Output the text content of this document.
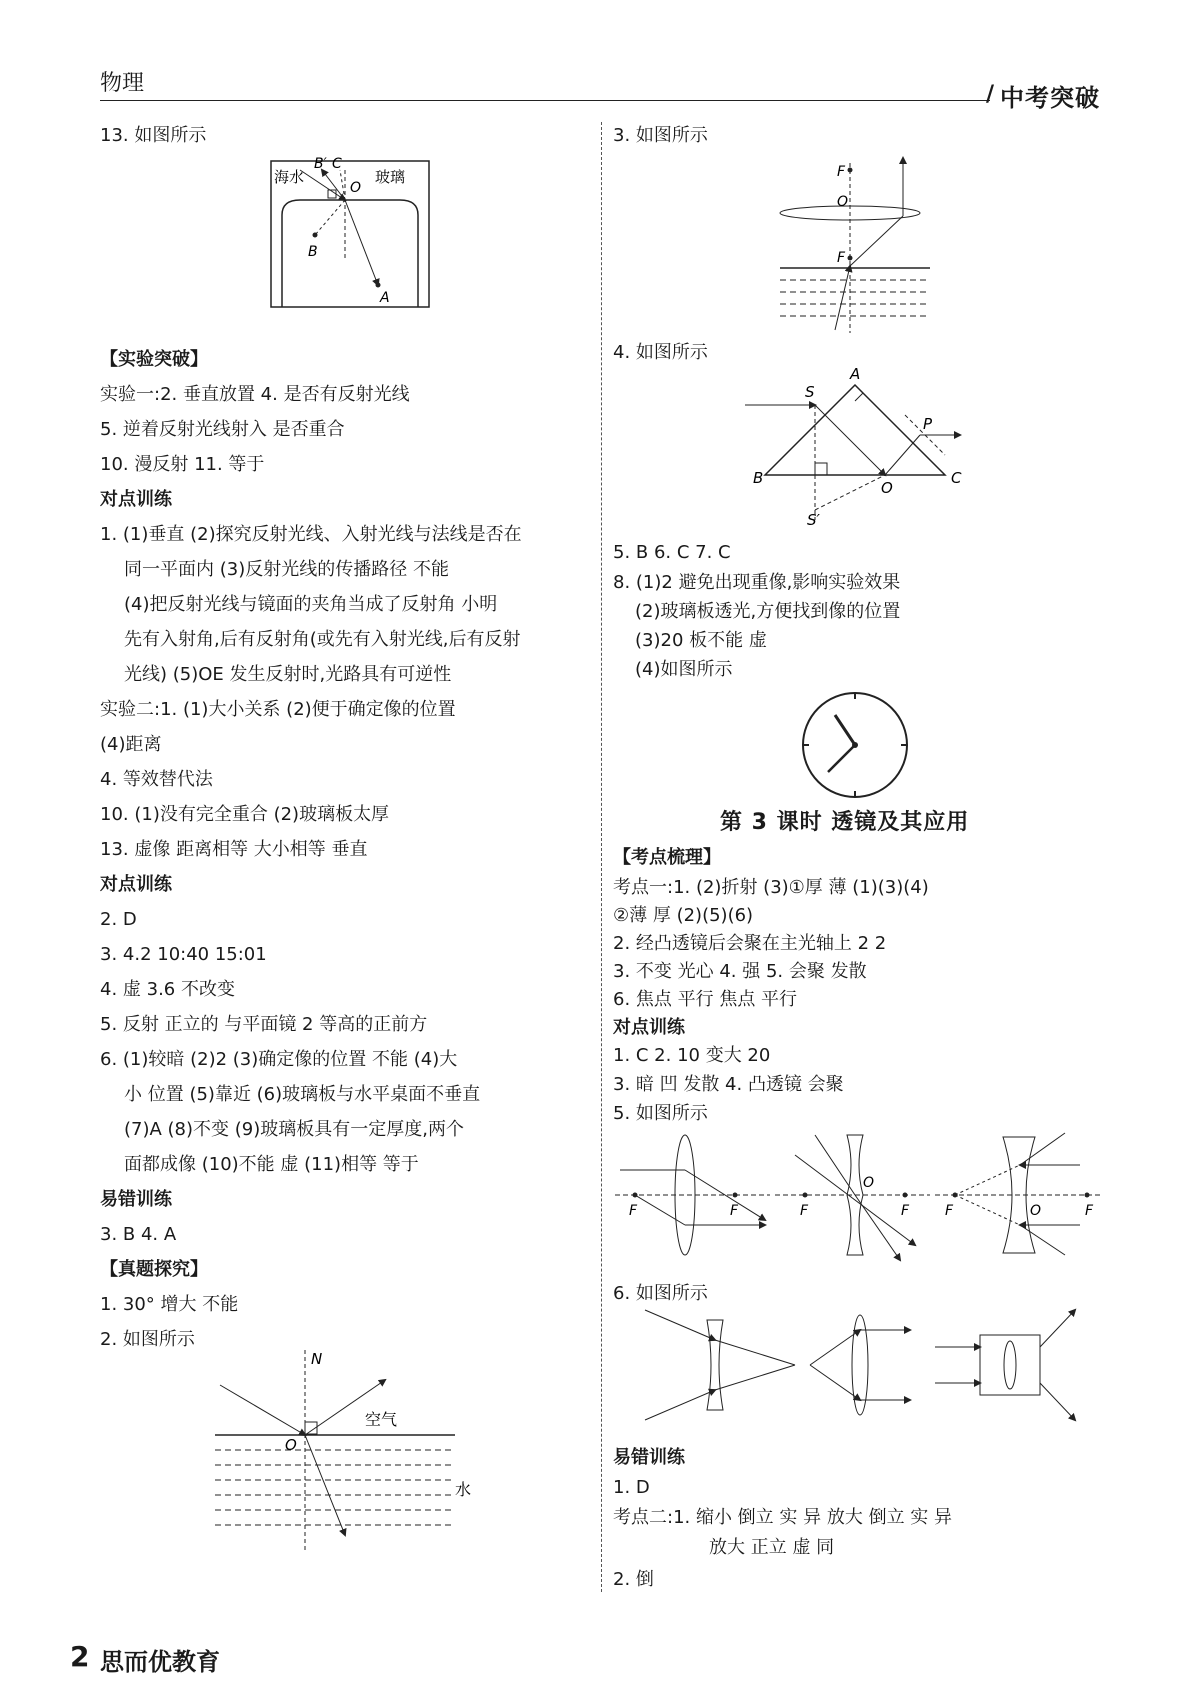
物理	/ 中考突破
13. 如图所示
【实验突破】
实验一:2. 垂直放置 4. 是否有反射光线
5. 逆着反射光线射入 是否重合
10. 漫反射 11. 等于
对点训练
1. (1)垂直 (2)探究反射光线、入射光线与法线是否在
同一平面内 (3)反射光线的传播路径 不能
(4)把反射光线与镜面的夹角当成了反射角 小明
先有入射角,后有反射角(或先有入射光线,后有反射
光线) (5)OE 发生反射时,光路具有可逆性
实验二:1. (1)大小关系 (2)便于确定像的位置
(4)距离
4. 等效替代法
10. (1)没有完全重合 (2)玻璃板太厚
13. 虚像 距离相等 大小相等 垂直
对点训练
2. D
3. 4.2 10:40 15:01
4. 虚 3.6 不改变
5. 反射 正立的 与平面镜 2 等高的正前方
6. (1)较暗 (2)2 (3)确定像的位置 不能 (4)大
小 位置 (5)靠近 (6)玻璃板与水平桌面不垂直
(7)A (8)不变 (9)玻璃板具有一定厚度,两个
面都成像 (10)不能 虚 (11)相等 等于
易错训练
3. B 4. A
【真题探究】
1. 30° 增大 不能
2. 如图所示
海水
B′ C
O
玻璃
B
A
N
空气
O
水
3. 如图所示
4. 如图所示
5. B 6. C 7. C
8. (1)2 避免出现重像,影响实验效果
(2)玻璃板透光,方便找到像的位置
(3)20 板不能 虚
(4)如图所示
【考点梳理】
考点一:1. (2)折射 (3)①厚 薄 (1)(3)(4)
②薄 厚 (2)(5)(6)
2. 经凸透镜后会聚在主光轴上 2 2
3. 不变 光心 4. 强 5. 会聚 发散
6. 焦点 平行 焦点 平行
对点训练
1. C 2. 10 变大 20
3. 暗 凹 发散 4. 凸透镜 会聚
5. 如图所示
6. 如图所示
易错训练
1. D
考点二:1. 缩小 倒立 实 异 放大 倒立 实 异
放大 正立 虚 同
2. 倒
第 3 课时 透镜及其应用
F
O
F
A
S
P
B
O
C
S′
F	F
O
F	F	F	O	F
2 思而优教育
